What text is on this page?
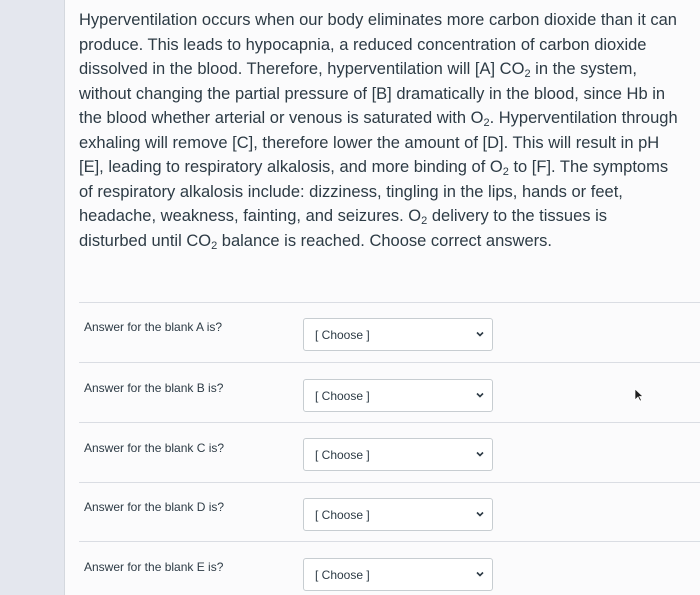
Hyperventilation occurs when our body eliminates more carbon dioxide than it can produce. This leads to hypocapnia, a reduced concentration of carbon dioxide dissolved in the blood. Therefore, hyperventilation will [A] $CO_2$ in the system, without changing the partial pressure of [B] dramatically in the blood, since Hb in the blood whether arterial or venous is saturated with $O_2$. Hyperventilation through exhaling will remove [C], therefore lower the amount of [D]. This will result in pH [E], leading to respiratory alkalosis, and more binding of $O_2$ to [F]. The symptoms of respiratory alkalosis include: dizziness, tingling in the lips, hands or feet, headache, weakness, fainting, and seizures. $O_2$ delivery to the tissues is disturbed until $CO_2$ balance is reached. Choose correct answers.
Answer for the blank A is?
[ Choose ]
Answer for the blank B is?
[ Choose ]
Answer for the blank C is?	[ Choose ]
Answer for the blank D is?
[ Choose ]
Answer for the blank E is?
[ Choose ]
